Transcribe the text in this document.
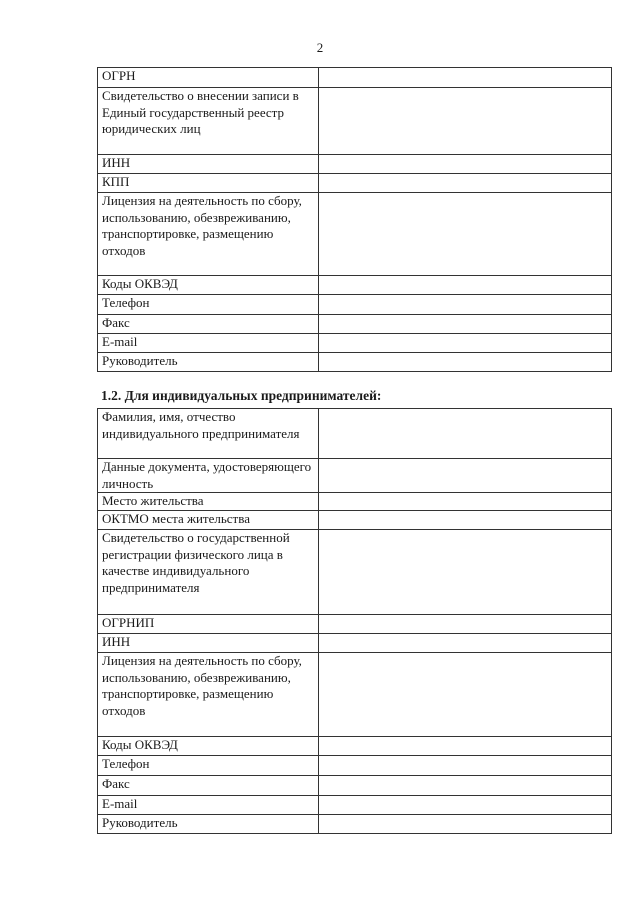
2
ОГРН	
Свидетельство о внесении записи в Единый государственный реестр юридических лиц	
ИНН	
КПП	
Лицензия на деятельность по сбору, использованию, обезвреживанию, транспортировке, размещению отходов	
Коды ОКВЭД	
Телефон	
Факс	
E-mail	
Руководитель	
1.2. Для индивидуальных предпринимателей:
Фамилия, имя, отчество индивидуального предпринимателя	
Данные документа, удостоверяющего личность	
Место жительства	
ОКТМО места жительства	
Свидетельство о государственной регистрации физического лица в качестве индивидуального предпринимателя	
ОГРНИП	
ИНН	
Лицензия на деятельность по сбору, использованию, обезвреживанию, транспортировке, размещению отходов	
Коды ОКВЭД	
Телефон	
Факс	
E-mail	
Руководитель	
